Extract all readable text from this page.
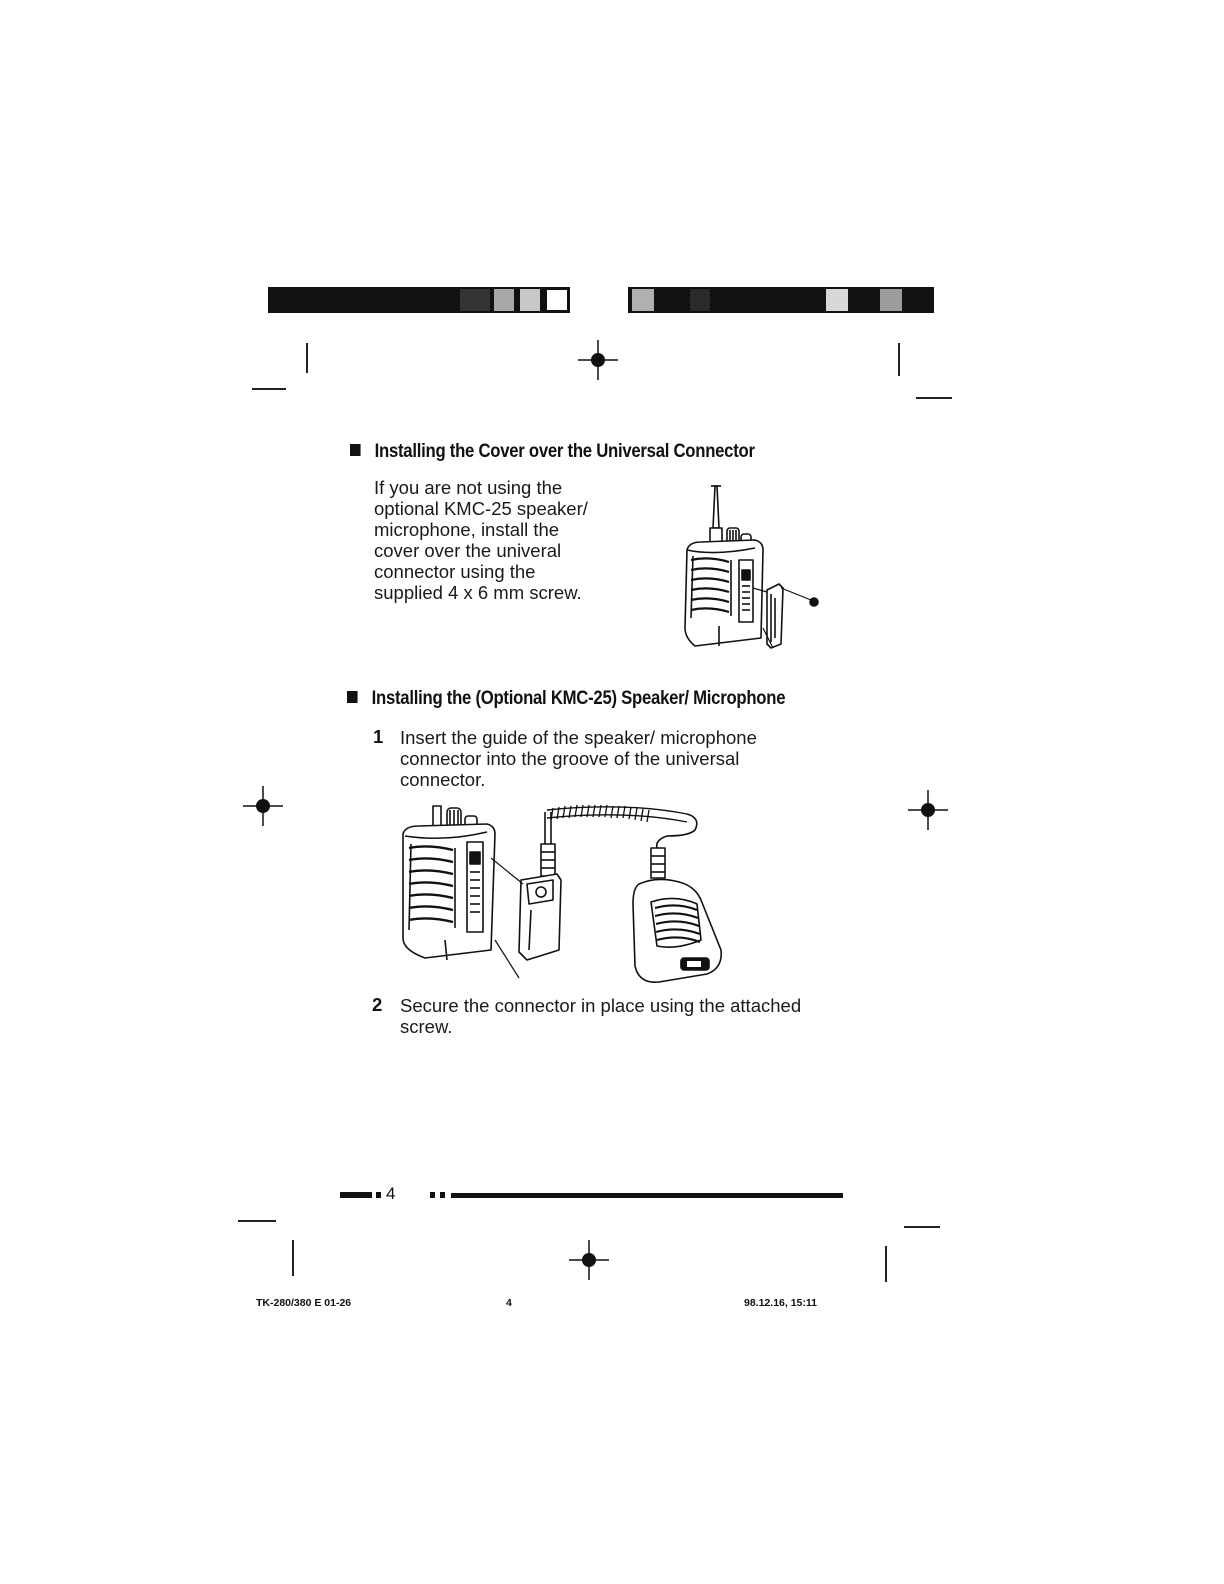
Installing the Cover over the Universal Connector
If you are not using the
optional KMC-25 speaker/
microphone, install the
cover over the univeral
connector using the
supplied 4 x 6 mm screw.
Installing the (Optional KMC-25) Speaker/ Microphone
1 Insert the guide of the speaker/ microphone
connector into the groove of the universal
connector.
2 Secure the connector in place using the attached
screw.
4
TK-280/380 E 01-26	4	98.12.16, 15:11
